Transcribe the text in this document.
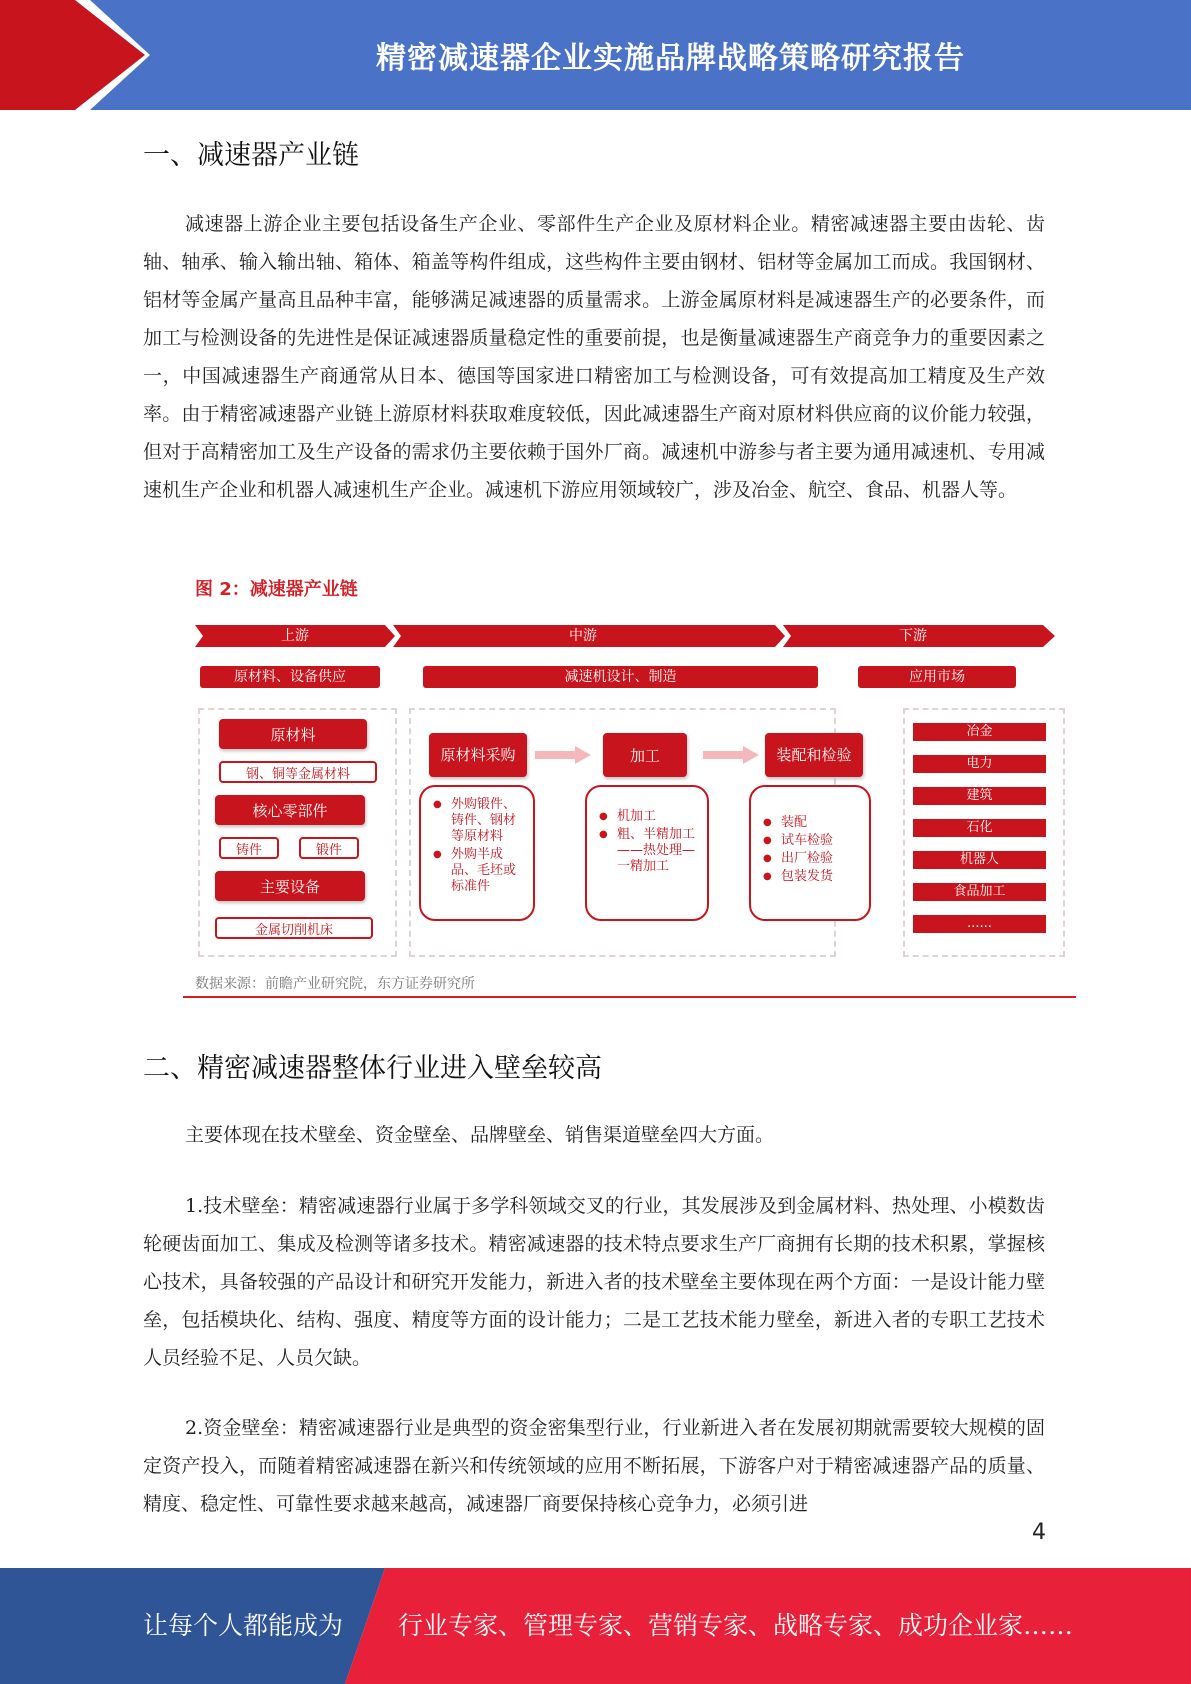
精密减速器企业实施品牌战略策略研究报告
一、减速器产业链
减速器上游企业主要包括设备生产企业、零部件生产企业及原材料企业。精密减速器主要由齿轮、齿轴、轴承、输入输出轴、箱体、箱盖等构件组成，这些构件主要由钢材、铝材等金属加工而成。我国钢材、铝材等金属产量高且品种丰富，能够满足减速器的质量需求。上游金属原材料是减速器生产的必要条件，而加工与检测设备的先进性是保证减速器质量稳定性的重要前提，也是衡量减速器生产商竞争力的重要因素之一，中国减速器生产商通常从日本、德国等国家进口精密加工与检测设备，可有效提高加工精度及生产效率。由于精密减速器产业链上游原材料获取难度较低，因此减速器生产商对原材料供应商的议价能力较强，但对于高精密加工及生产设备的需求仍主要依赖于国外厂商。减速机中游参与者主要为通用减速机、专用减速机生产企业和机器人减速机生产企业。减速机下游应用领域较广，涉及冶金、航空、食品、机器人等。
图 2：减速器产业链
上游	中游	下游
原材料、设备供应	减速机设计、制造	应用市场
原材料
钢、铜等金属材料
核心零部件
铸件	锻件
主要设备
金属切削机床
原材料采购	加工	装配和检验
● 外购锻件、铸件、钢材等原材料
● 外购半成品、毛坯或标准件
● 机加工
● 粗、半精加工——热处理—一精加工
● 装配
● 试车检验
● 出厂检验
● 包装发货
冶金
电力
建筑
石化
机器人
食品加工
......
数据来源：前瞻产业研究院，东方证券研究所
二、精密减速器整体行业进入壁垒较高
主要体现在技术壁垒、资金壁垒、品牌壁垒、销售渠道壁垒四大方面。
1.技术壁垒：精密减速器行业属于多学科领域交叉的行业，其发展涉及到金属材料、热处理、小模数齿轮硬齿面加工、集成及检测等诸多技术。精密减速器的技术特点要求生产厂商拥有长期的技术积累，掌握核心技术，具备较强的产品设计和研究开发能力，新进入者的技术壁垒主要体现在两个方面：一是设计能力壁垒，包括模块化、结构、强度、精度等方面的设计能力；二是工艺技术能力壁垒，新进入者的专职工艺技术人员经验不足、人员欠缺。
2.资金壁垒：精密减速器行业是典型的资金密集型行业，行业新进入者在发展初期就需要较大规模的固定资产投入，而随着精密减速器在新兴和传统领域的应用不断拓展，下游客户对于精密减速器产品的质量、精度、稳定性、可靠性要求越来越高，减速器厂商要保持核心竞争力，必须引进
4
让每个人都能成为 行业专家、管理专家、营销专家、战略专家、成功企业家……
